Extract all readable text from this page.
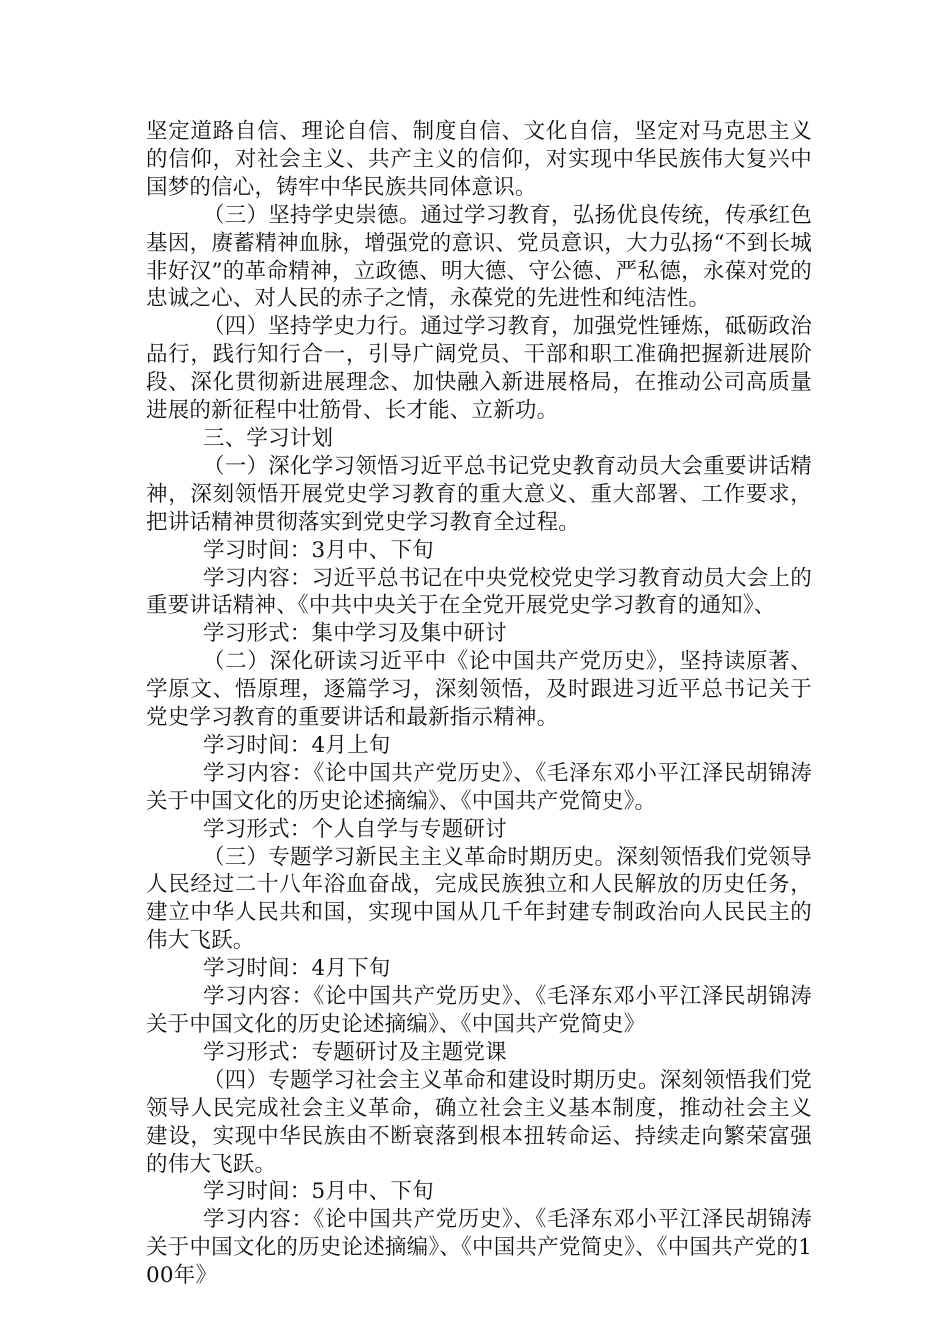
坚定道路自信、理论自信、制度自信、文化自信，坚定对马克思主义的信仰，对社会主义、共产主义的信仰，对实现中华民族伟大复兴中国梦的信心，铸牢中华民族共同体意识。

（三）坚持学史崇德。通过学习教育，弘扬优良传统，传承红色基因，赓蓄精神血脉，增强党的意识、党员意识，大力弘扬“不到长城非好汉”的革命精神，立政德、明大德、守公德、严私德，永葆对党的忠诚之心、对人民的赤子之情，永葆党的先进性和纯洁性。

（四）坚持学史力行。通过学习教育，加强党性锤炼，砥砺政治品行，践行知行合一，引导广阔党员、干部和职工准确把握新进展阶段、深化贯彻新进展理念、加快融入新进展格局，在推动公司高质量进展的新征程中壮筋骨、长才能、立新功。

三、学习计划

（一）深化学习领悟习近平总书记党史教育动员大会重要讲话精神，深刻领悟开展党史学习教育的重大意义、重大部署、工作要求，把讲话精神贯彻落实到党史学习教育全过程。

学习时间：3月中、下旬

学习内容：习近平总书记在中央党校党史学习教育动员大会上的重要讲话精神、《中共中央关于在全党开展党史学习教育的通知》、

学习形式：集中学习及集中研讨

（二）深化研读习近平中《论中国共产党历史》，坚持读原著、学原文、悟原理，逐篇学习，深刻领悟，及时跟进习近平总书记关于党史学习教育的重要讲话和最新指示精神。

学习时间：4月上旬

学习内容：《论中国共产党历史》、《毛泽东邓小平江泽民胡锦涛关于中国文化的历史论述摘编》、《中国共产党简史》。

学习形式：个人自学与专题研讨

（三）专题学习新民主主义革命时期历史。深刻领悟我们党领导人民经过二十八年浴血奋战，完成民族独立和人民解放的历史任务，建立中华人民共和国，实现中国从几千年封建专制政治向人民民主的伟大飞跃。

学习时间：4月下旬

学习内容：《论中国共产党历史》、《毛泽东邓小平江泽民胡锦涛关于中国文化的历史论述摘编》、《中国共产党简史》

学习形式：专题研讨及主题党课

（四）专题学习社会主义革命和建设时期历史。深刻领悟我们党领导人民完成社会主义革命，确立社会主义基本制度，推动社会主义建设，实现中华民族由不断衰落到根本扭转命运、持续走向繁荣富强的伟大飞跃。

学习时间：5月中、下旬

学习内容：《论中国共产党历史》、《毛泽东邓小平江泽民胡锦涛关于中国文化的历史论述摘编》、《中国共产党简史》、《中国共产党的100年》
